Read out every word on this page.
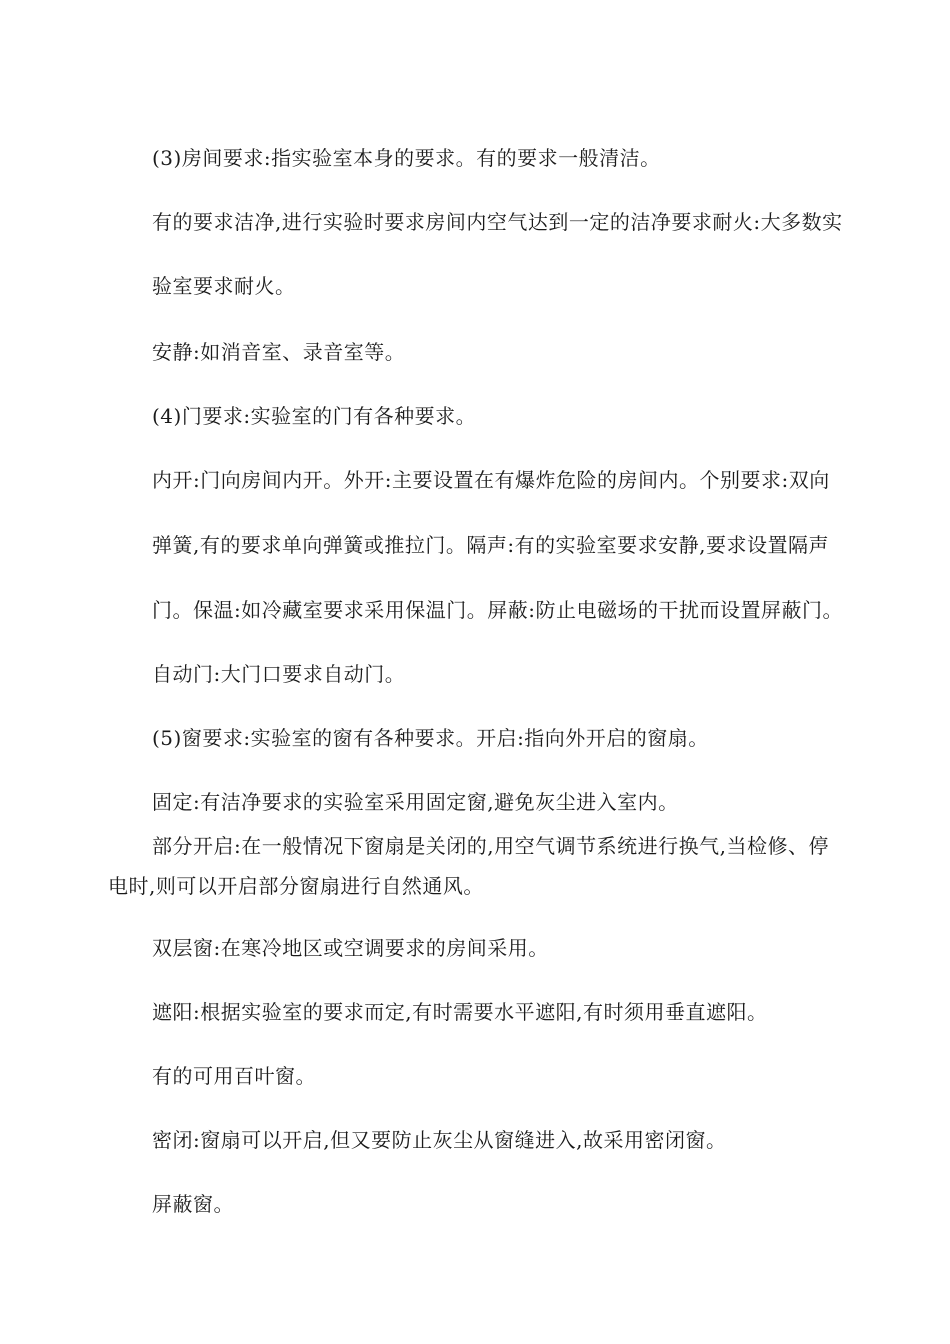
(3)房间要求:指实验室本身的要求。有的要求一般清洁。
有的要求洁净,进行实验时要求房间内空气达到一定的洁净要求耐火:大多数实
验室要求耐火。
安静:如消音室、录音室等。
(4)门要求:实验室的门有各种要求。
内开:门向房间内开。外开:主要设置在有爆炸危险的房间内。个别要求:双向
弹簧,有的要求单向弹簧或推拉门。隔声:有的实验室要求安静,要求设置隔声
门。保温:如冷藏室要求采用保温门。屏蔽:防止电磁场的干扰而设置屏蔽门。
自动门:大门口要求自动门。
(5)窗要求:实验室的窗有各种要求。开启:指向外开启的窗扇。
固定:有洁净要求的实验室采用固定窗,避免灰尘进入室内。
部分开启:在一般情况下窗扇是关闭的,用空气调节系统进行换气,当检修、停
电时,则可以开启部分窗扇进行自然通风。
双层窗:在寒冷地区或空调要求的房间采用。
遮阳:根据实验室的要求而定,有时需要水平遮阳,有时须用垂直遮阳。
有的可用百叶窗。
密闭:窗扇可以开启,但又要防止灰尘从窗缝进入,故采用密闭窗。
屏蔽窗。
